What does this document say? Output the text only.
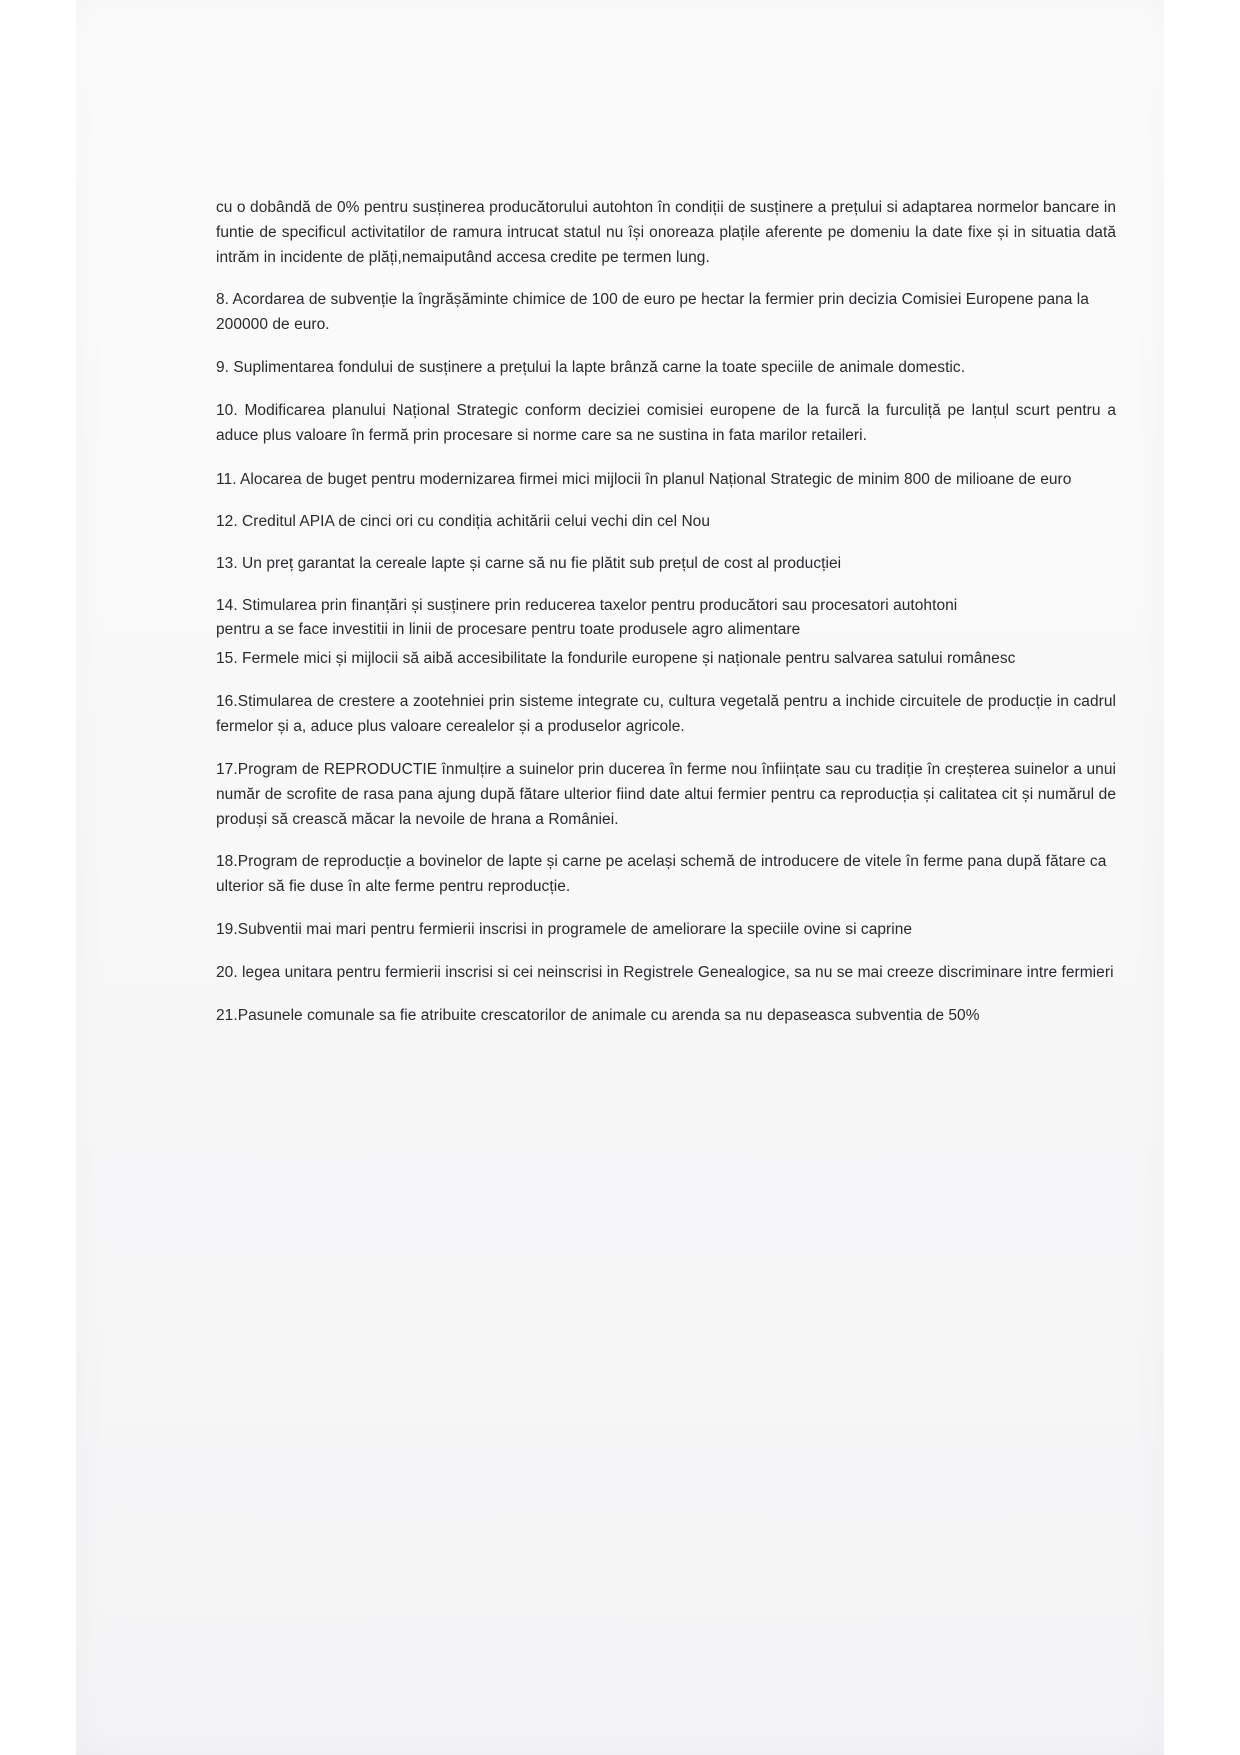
cu o dobândă de 0% pentru susținerea producătorului autohton în condiții de susținere a prețului si adaptarea normelor bancare in funtie de specificul activitatilor de ramura intrucat statul nu își onoreaza plațile aferente pe domeniu la date fixe și in situatia dată intrăm in incidente de plăți,nemaiputând accesa credite pe termen lung.

8. Acordarea de subvenție la îngrășăminte chimice de 100 de euro pe hectar la fermier prin decizia Comisiei Europene pana la 200000 de euro.

9. Suplimentarea fondului de susținere a prețului la lapte brânză carne la toate speciile de animale domestic.

10. Modificarea planului Național Strategic conform deciziei comisiei europene de la furcă la furculiță pe lanțul scurt pentru a aduce plus valoare în fermă prin procesare si norme care sa ne sustina in fata marilor retaileri.

11. Alocarea de buget pentru modernizarea firmei mici mijlocii în planul Național Strategic de minim 800 de milioane de euro

12. Creditul APIA de cinci ori cu condiția achitării celui vechi din cel Nou

13. Un preț garantat la cereale lapte și carne să nu fie plătit sub prețul de cost al producției

14. Stimularea prin finanțări și susținere prin reducerea taxelor pentru producători sau procesatori autohtoni pentru a se face investitii in linii de procesare pentru toate produsele agro alimentare

15. Fermele mici și mijlocii să aibă accesibilitate la fondurile europene și naționale pentru salvarea satului românesc

16.Stimularea de crestere a zootehniei prin sisteme integrate cu, cultura vegetală pentru a inchide circuitele de producție in cadrul fermelor și a, aduce plus valoare cerealelor și a produselor agricole.

17.Program de REPRODUCTIE înmulțire a suinelor prin ducerea în ferme nou înființate sau cu tradiție în creșterea suinelor a unui număr de scrofite de rasa pana ajung după fătare ulterior fiind date altui fermier pentru ca reproducția și calitatea cit și numărul de produși să crească măcar la nevoile de hrana a României.

18.Program de reproducție a bovinelor de lapte și carne pe același schemă de introducere de vitele în ferme pana după fătare ca ulterior să fie duse în alte ferme pentru reproducție.

19.Subventii mai mari pentru fermierii inscrisi in programele de ameliorare la speciile ovine si caprine

20. legea unitara pentru fermierii inscrisi si cei neinscrisi in Registrele Genealogice, sa nu se mai creeze discriminare intre fermieri

21.Pasunele comunale sa fie atribuite crescatorilor de animale cu arenda sa nu depaseasca subventia de 50%
